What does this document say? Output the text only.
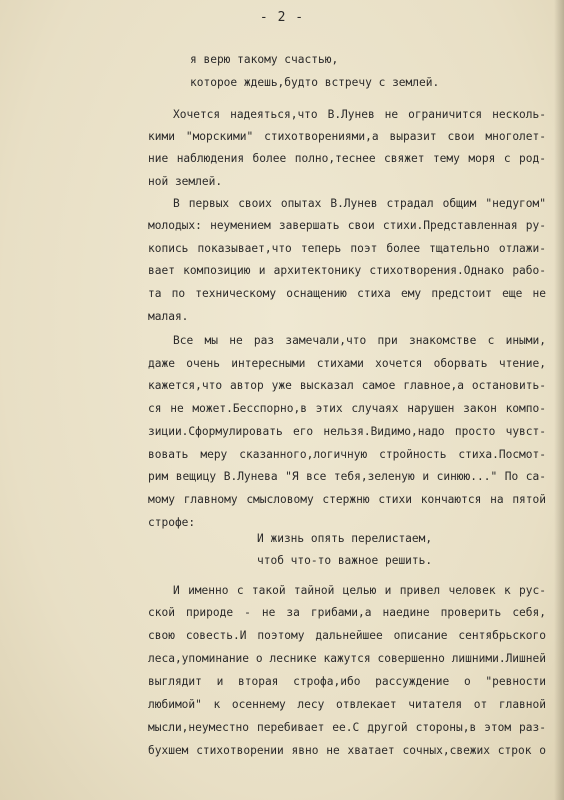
- 2 -
я верю такому счастью,
которое ждешь,будто встречу с землей.
Хочется надеяться,что В.Лунев не ограничится несколь-
кими "морскими" стихотворениями,а выразит свои многолет-
ние наблюдения более полно,теснее свяжет тему моря с род-
ной землей.
В первых своих опытах В.Лунев страдал общим "недугом"
молодых: неумением завершать свои стихи.Представленная ру-
копись показывает,что теперь поэт более тщательно отлажи-
вает композицию и архитектонику стихотворения.Однако рабо-
та по техническому оснащению стиха ему предстоит еще не
малая.
Все мы не раз замечали,что при знакомстве с иными,
даже очень интересными стихами хочется оборвать чтение,
кажется,что автор уже высказал самое главное,а остановить-
ся не может.Бесспорно,в этих случаях нарушен закон компо-
зиции.Сформулировать его нельзя.Видимо,надо просто чувст-
вовать меру сказанного,логичную стройность стиха.Посмот-
рим вещицу В.Лунева "Я все тебя,зеленую и синюю..." По са-
мому главному смысловому стержню стихи кончаются на пятой
строфе:
И жизнь опять перелистаем,
чтоб что-то важное решить.
И именно с такой тайной целью и привел человек к рус-
ской природе - не за грибами,а наедине проверить себя,
свою совесть.И поэтому дальнейшее описание сентябрьского
леса,упоминание о леснике кажутся совершенно лишними.Лишней
выглядит и вторая строфа,ибо рассуждение о "ревности
любимой" к осеннему лесу отвлекает читателя от главной
мысли,неуместно перебивает ее.С другой стороны,в этом раз-
бухшем стихотворении явно не хватает сочных,свежих строк о
